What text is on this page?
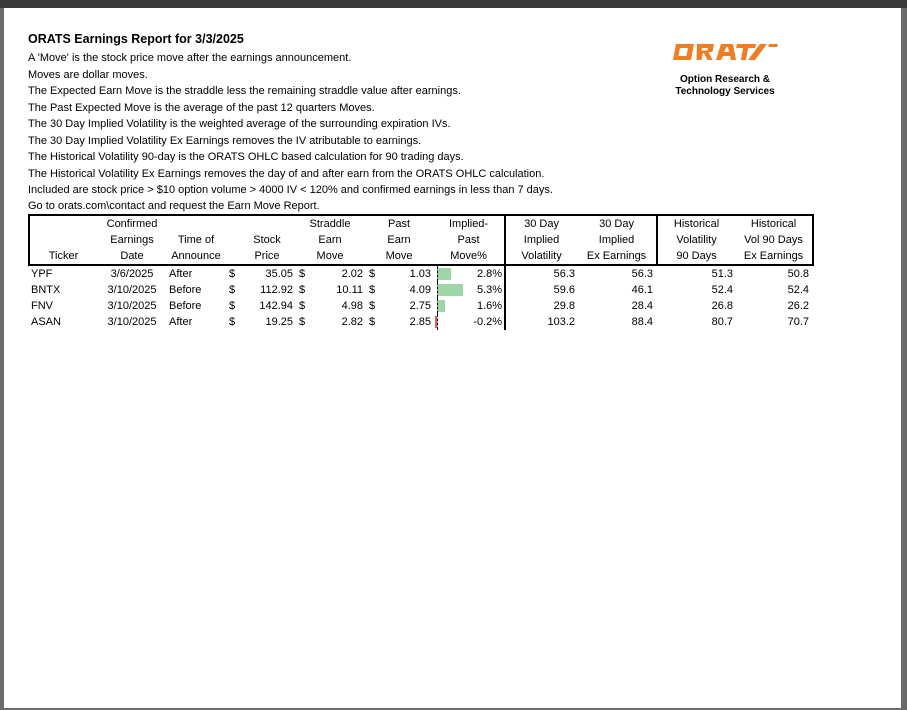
ORATS Earnings Report for 3/3/2025
A 'Move' is the stock price move after the earnings announcement.
Moves are dollar moves.
The Expected Earn Move is the straddle less the remaining straddle value after earnings.
The Past Expected Move is the average of the past 12 quarters Moves.
The 30 Day Implied Volatility is the weighted average of the surrounding expiration IVs.
The 30 Day Implied Volatility Ex Earnings removes the IV atributable to earnings.
The Historical Volatility 90-day is the ORATS OHLC based calculation for 90 trading days.
The Historical Volatility Ex Earnings removes the day of and after earn from the ORATS OHLC calculation.
Included are stock price > $10 option volume > 4000 IV < 120% and confirmed earnings in less than 7 days.
Go to orats.com\contact and request the Earn Move Report.
Option Research &
Technology Services
	Confirmed				Straddle		Past		Implied-	30 Day	30 Day	Historical	Historical
	Earnings	Time of		Stock	Earn		Earn		Past	Implied	Implied	Volatility	Vol 90 Days
Ticker	Date	Announce		Price	Move		Move		Move%	Volatility	Ex Earnings	90 Days	Ex Earnings
YPF	3/6/2025	After	$	35.05	$	2.02	$	1.03	2.8%	56.3	56.3	51.3	50.8
BNTX	3/10/2025	Before	$	112.92	$	10.11	$	4.09	5.3%	59.6	46.1	52.4	52.4
FNV	3/10/2025	Before	$	142.94	$	4.98	$	2.75	1.6%	29.8	28.4	26.8	26.2
ASAN	3/10/2025	After	$	19.25	$	2.82	$	2.85	-0.2%	103.2	88.4	80.7	70.7
